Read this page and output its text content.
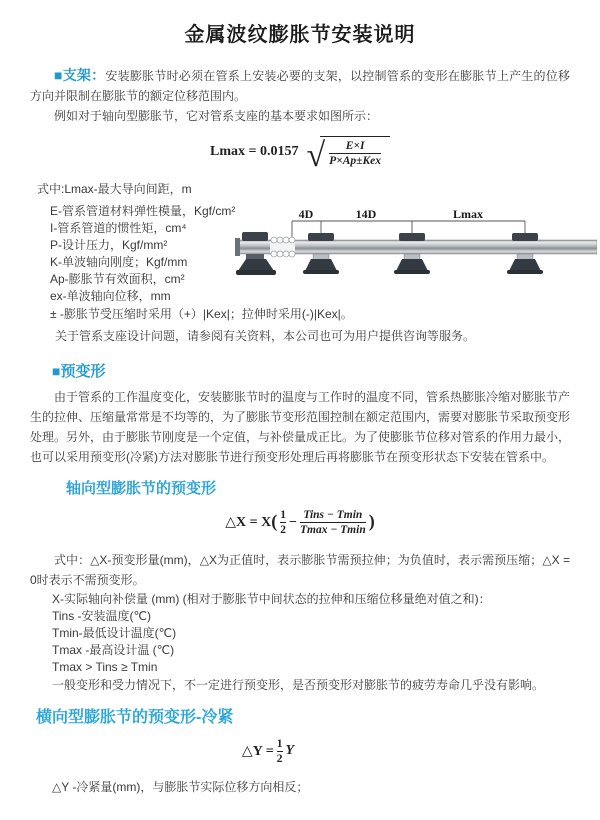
金属波纹膨胀节安装说明

■支架：安装膨胀节时必须在管系上安装必要的支架，以控制管系的变形在膨胀节上产生的位移方向并限制在膨胀节的额定位移范围内。

例如对于轴向型膨胀节，它对管系支座的基本要求如图所示：

Lmax = 0.0157 √ $\frac{E\times I}{\text{P×Ap±Kex}}$
式中:Lmax-最大导向间距，m
E-管系管道材料弹性模量，Kgf/cm²
I-管系管道的惯性矩，cm⁴
P-设计压力，Kgf/mm²
K-单波轴向刚度；Kgf/mm
Ap-膨胀节有效面积，cm²
ex-单波轴向位移，mm
4D	14D	Lmax
± -膨胀节受压缩时采用（+）|Kex|；拉伸时采用(-)|Kex|。
关于管系支座设计问题，请参阅有关资料，本公司也可为用户提供咨询等服务。
■预变形

由于管系的工作温度变化，安装膨胀节时的温度与工作时的温度不同，管系热膨胀冷缩对膨胀节产生的拉伸、压缩量常常是不均等的，为了膨胀节变形范围控制在额定范围内，需要对膨胀节采取预变形处理。另外，由于膨胀节刚度是一个定值，与补偿量成正比。为了使膨胀节位移对管系的作用力最小，也可以采用预变形(冷紧)方法对膨胀节进行预变形处理后再将膨胀节在预变形状态下安装在管系中。

轴向型膨胀节的预变形
△X = X ( $\frac{1}{2} - \frac{\text{Tins − Tmin}}{Tmax - Tmin}$ )

式中：△X-预变形量(mm)，△X为正值时，表示膨胀节需预拉伸；为负值时，表示需预压缩；△X = 0时表示不需预变形。

X-实际轴向补偿量 (mm) (相对于膨胀节中间状态的拉伸和压缩位移量绝对值之和)：
Tins -安装温度(℃)
Tmin-最低设计温度(℃)
Tmax -最高设计温 (℃)
Tmax > Tins ≥ Tmin
一般变形和受力情况下，不一定进行预变形，是否预变形对膨胀节的疲劳寿命几乎没有影响。
横向型膨胀节的预变形-冷紧
△Y = $\frac{1}{2}$ Y
△Y -冷紧量(mm)，与膨胀节实际位移方向相反；
